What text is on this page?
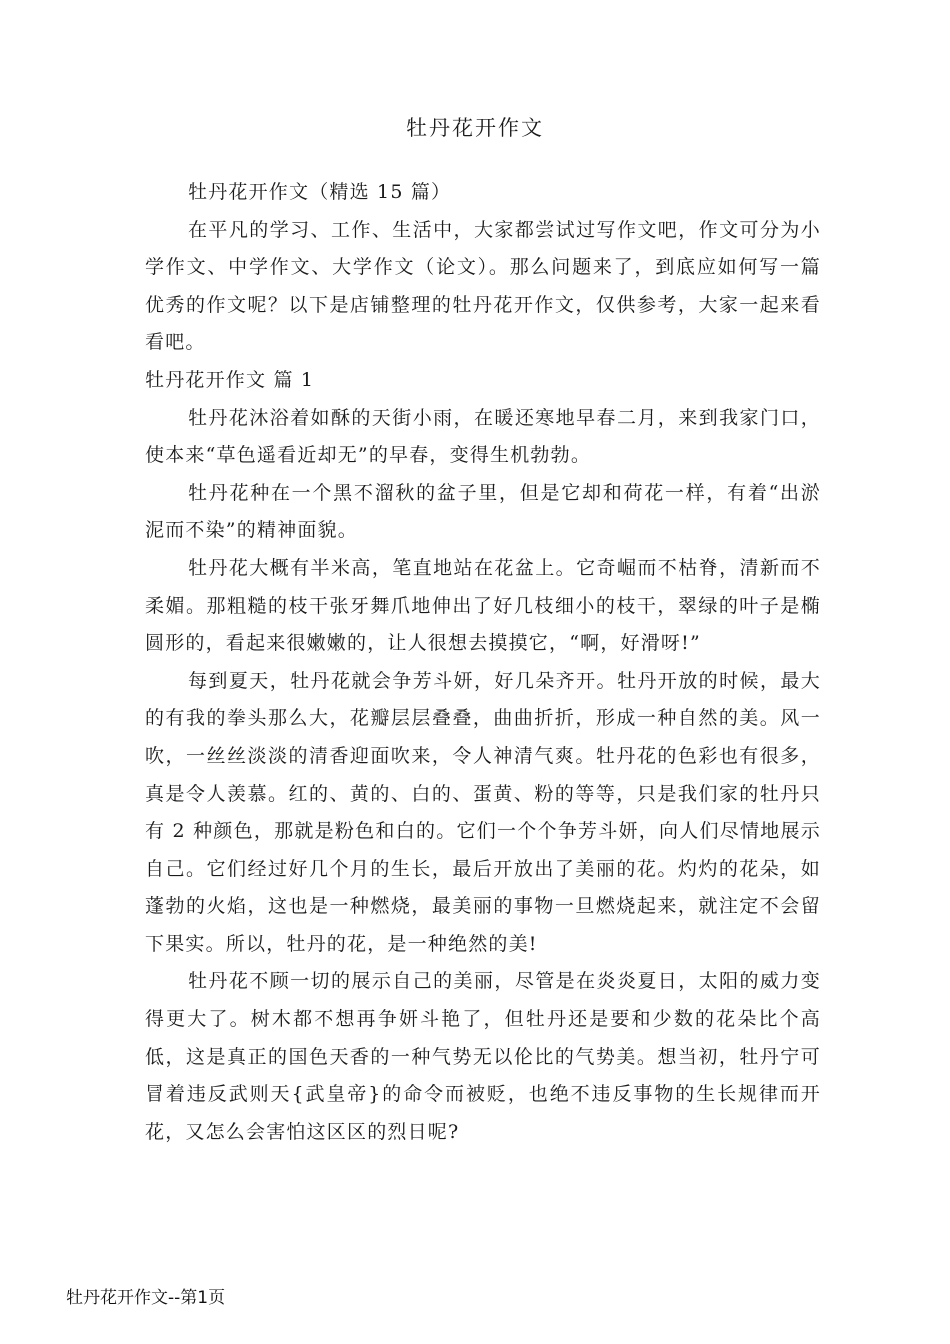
牡丹花开作文

牡丹花开作文（精选 15 篇）

在平凡的学习、工作、生活中，大家都尝试过写作文吧，作文可分为小学作文、中学作文、大学作文（论文）。那么问题来了，到底应如何写一篇优秀的作文呢？以下是店铺整理的牡丹花开作文，仅供参考，大家一起来看看吧。

牡丹花开作文 篇 1

牡丹花沐浴着如酥的天街小雨，在暖还寒地早春二月，来到我家门口，使本来“草色遥看近却无”的早春，变得生机勃勃。

牡丹花种在一个黑不溜秋的盆子里，但是它却和荷花一样，有着“出淤泥而不染”的精神面貌。

牡丹花大概有半米高，笔直地站在花盆上。它奇崛而不枯脊，清新而不柔媚。那粗糙的枝干张牙舞爪地伸出了好几枝细小的枝干，翠绿的叶子是椭圆形的，看起来很嫩嫩的，让人很想去摸摸它，“啊，好滑呀!”

每到夏天，牡丹花就会争芳斗妍，好几朵齐开。牡丹开放的时候，最大的有我的拳头那么大，花瓣层层叠叠，曲曲折折，形成一种自然的美。风一吹，一丝丝淡淡的清香迎面吹来，令人神清气爽。牡丹花的色彩也有很多，真是令人羡慕。红的、黄的、白的、蛋黄、粉的等等，只是我们家的牡丹只有 2 种颜色，那就是粉色和白的。它们一个个争芳斗妍，向人们尽情地展示自己。它们经过好几个月的生长，最后开放出了美丽的花。灼灼的花朵，如蓬勃的火焰，这也是一种燃烧，最美丽的事物一旦燃烧起来，就注定不会留下果实。所以，牡丹的花，是一种绝然的美!

牡丹花不顾一切的展示自己的美丽，尽管是在炎炎夏日，太阳的威力变得更大了。树木都不想再争妍斗艳了，但牡丹还是要和少数的花朵比个高低，这是真正的国色天香的一种气势无以伦比的气势美。想当初，牡丹宁可冒着违反武则天{武皇帝}的命令而被贬，也绝不违反事物的生长规律而开花，又怎么会害怕这区区的烈日呢?

牡丹花开作文--第1页
